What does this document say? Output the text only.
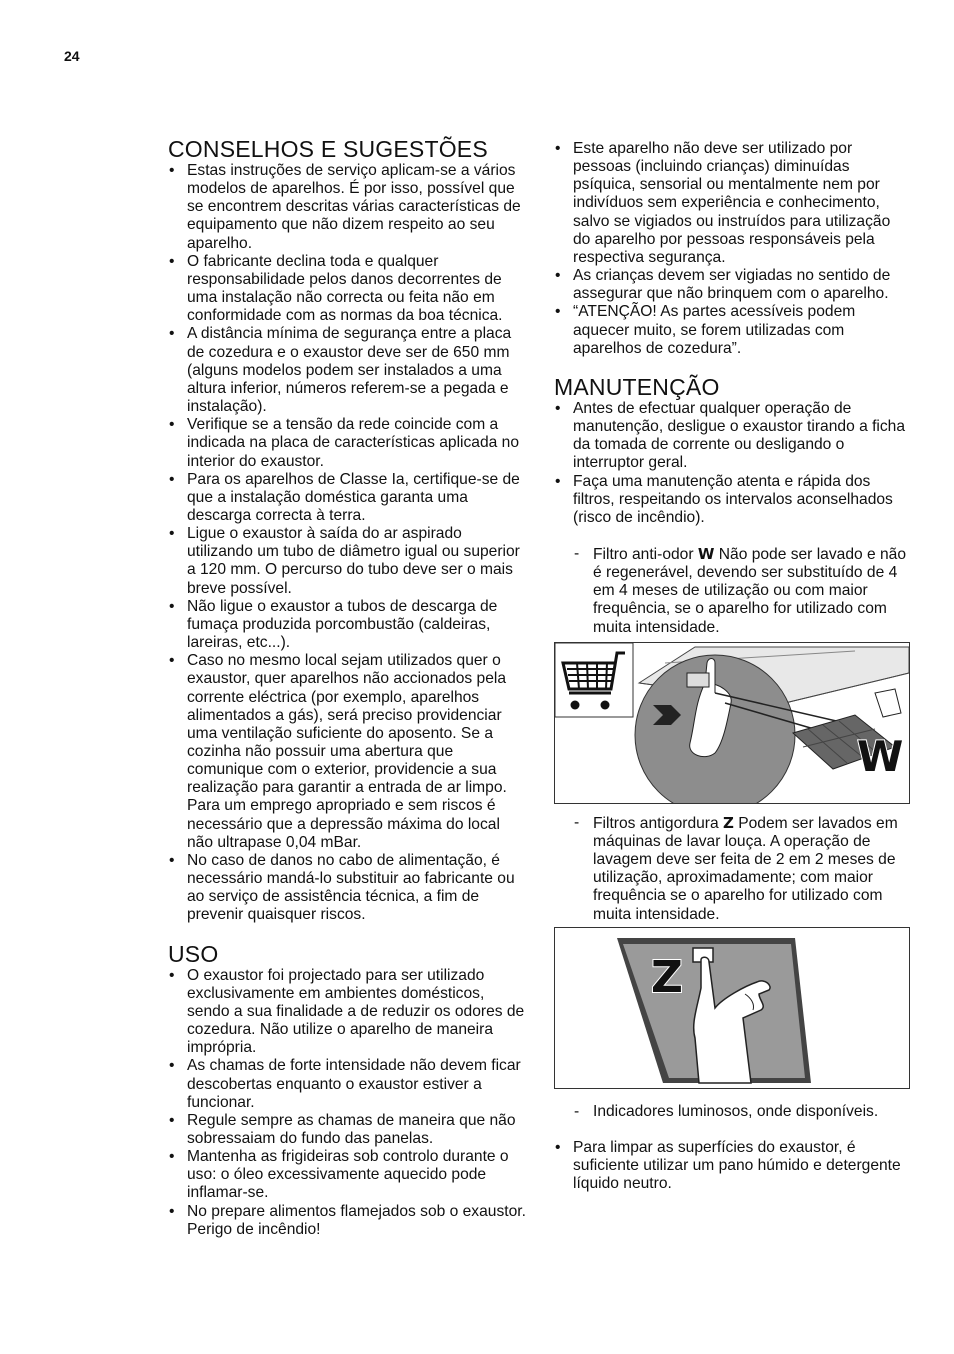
24
CONSELHOS E SUGESTÕES
• Estas instruções de serviço aplicam-se a vários modelos de aparelhos. É por isso, possível que se encontrem descritas várias características de equipamento que não dizem respeito ao seu aparelho.
• O fabricante declina toda e qualquer responsabilidade pelos danos decorrentes de uma instalação não correcta ou feita não em conformidade com as normas da boa técnica.
• A distância mínima de segurança entre a placa de cozedura e o exaustor deve ser de 650 mm (alguns modelos podem ser instalados a uma altura inferior, números referem-se a pegada e instalação).
• Verifique se a tensão da rede coincide com a indicada na placa de características aplicada no interior do exaustor.
• Para os aparelhos de Classe Ia, certifique-se de que a instalação doméstica garanta uma descarga correcta à terra.
• Ligue o exaustor à saída do ar aspirado utilizando um tubo de diâmetro igual ou superior a 120 mm. O percurso do tubo deve ser o mais breve possível.
• Não ligue o exaustor a tubos de descarga de fumaça produzida porcombustão (caldeiras, lareiras, etc...).
• Caso no mesmo local sejam utilizados quer o exaustor, quer aparelhos não accionados pela corrente eléctrica (por exemplo, aparelhos alimentados a gás), será preciso providenciar uma ventilação suficiente do aposento. Se a cozinha não possuir uma abertura que comunique com o exterior, providencie a sua realização para garantir a entrada de ar limpo. Para um emprego apropriado e sem riscos é necessário que a depressão máxima do local não ultrapase 0,04 mBar.
• No caso de danos no cabo de alimentação, é necessário mandá-lo substituir ao fabricante ou ao serviço de assistência técnica, a fim de prevenir quaisquer riscos.
USO
• O exaustor foi projectado para ser utilizado exclusivamente em ambientes domésticos, sendo a sua finalidade a de reduzir os odores de cozedura. Não utilize o aparelho de maneira imprópria.
• As chamas de forte intensidade não devem ficar descobertas enquanto o exaustor estiver a funcionar.
• Regule sempre as chamas de maneira que não sobressaiam do fundo das panelas.
• Mantenha as frigideiras sob controlo durante o uso: o óleo excessivamente aquecido pode inflamar-se.
• No prepare alimentos flamejados sob o exaustor. Perigo de incêndio!
• Este aparelho não deve ser utilizado por pessoas (incluindo crianças) diminuídas psíquica, sensorial ou mentalmente nem por indivíduos sem experiência e conhecimento, salvo se vigiados ou instruídos para utilização do aparelho por pessoas responsáveis pela respectiva segurança.
• As crianças devem ser vigiadas no sentido de assegurar que não brinquem com o aparelho.
• “ATENÇÃO! As partes acessíveis podem aquecer muito, se forem utilizadas com aparelhos de cozedura”.
MANUTENÇÃO
• Antes de efectuar qualquer operação de manutenção, desligue o exaustor tirando a ficha da tomada de corrente ou desligando o interruptor geral.
• Faça uma manutenção atenta e rápida dos filtros, respeitando os intervalos aconselhados (risco de incêndio).
- Filtro anti-odor W Não pode ser lavado e não é regenerável, devendo ser substituído de 4 em 4 meses de utilização ou com maior frequência, se o aparelho for utilizado com muita intensidade.
W
- Filtros antigordura Z Podem ser lavados em máquinas de lavar louça. A operação de lavagem deve ser feita de 2 em 2 meses de utilização, aproximadamente; com maior frequência se o aparelho for utilizado com muita intensidade.
Z
- Indicadores luminosos, onde disponíveis.
• Para limpar as superfícies do exaustor, é suficiente utilizar um pano húmido e detergente líquido neutro.
